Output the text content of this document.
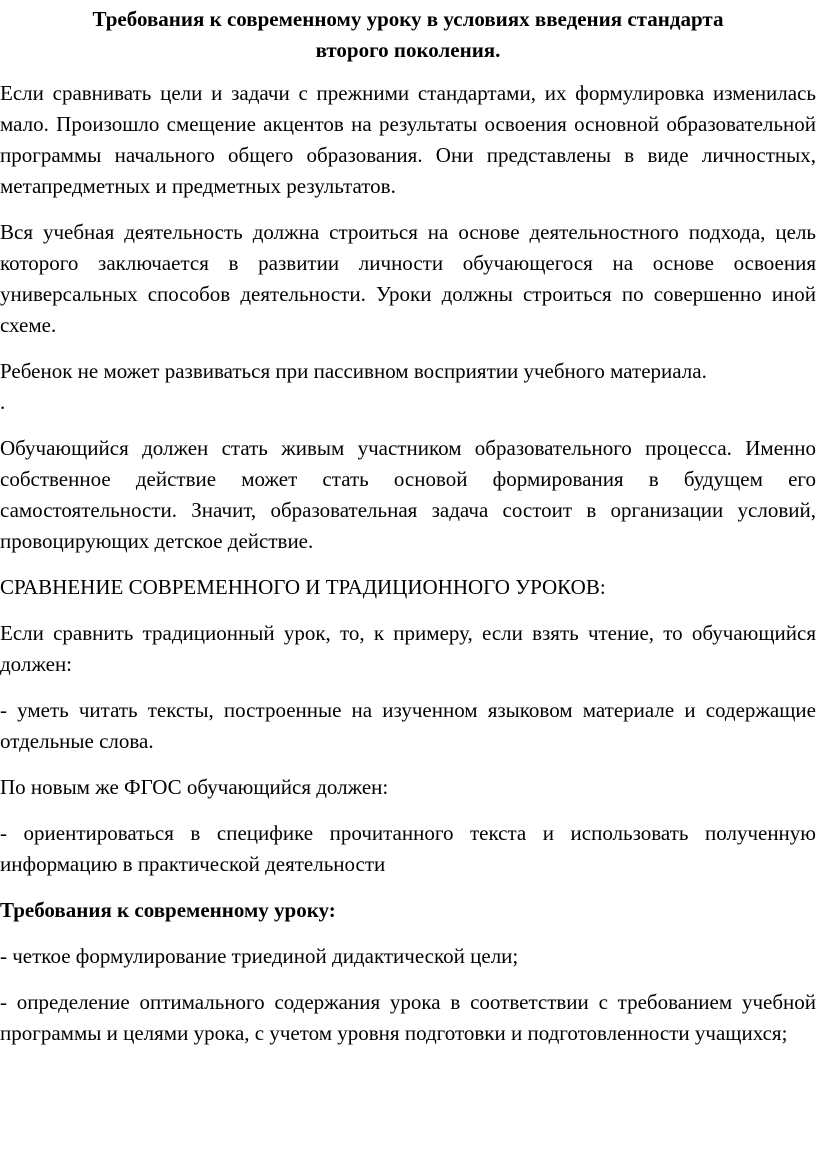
Требования к современному уроку в условиях введения стандарта
второго поколения.

Если сравнивать цели и задачи с прежними стандартами, их формулировка изменилась мало. Произошло смещение акцентов на результаты освоения основной образовательной программы начального общего образования. Они представлены в виде личностных, метапредметных и предметных результатов.

Вся учебная деятельность должна строиться на основе деятельностного подхода, цель которого заключается в развитии личности обучающегося на основе освоения универсальных способов деятельности. Уроки должны строиться по совершенно иной схеме.

Ребенок не может развиваться при пассивном восприятии учебного материала.

.

Обучающийся должен стать живым участником образовательного процесса. Именно собственное действие может стать основой формирования в будущем его самостоятельности. Значит, образовательная задача состоит в организации условий, провоцирующих детское действие.

СРАВНЕНИЕ СОВРЕМЕННОГО И ТРАДИЦИОННОГО УРОКОВ:

Если сравнить традиционный урок, то, к примеру, если взять чтение, то обучающийся должен:

- уметь читать тексты, построенные на изученном языковом материале и содержащие отдельные слова.

По новым же ФГОС обучающийся должен:

- ориентироваться в специфике прочитанного текста и использовать полученную информацию в практической деятельности

Требования к современному уроку:

- четкое формулирование триединой дидактической цели;

- определение оптимального содержания урока в соответствии с требованием учебной программы и целями урока, с учетом уровня подготовки и подготовленности учащихся;
